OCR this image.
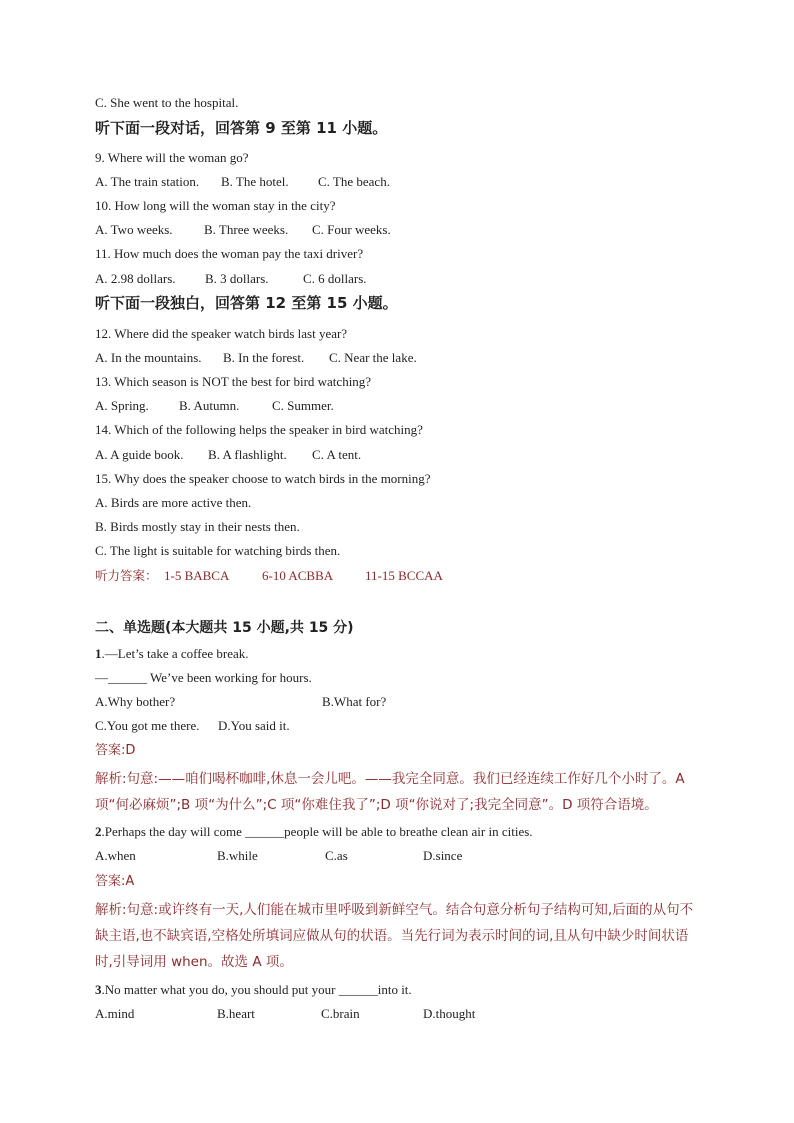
C. She went to the hospital.
听下面一段对话，回答第 9 至第 11 小题。
9. Where will the woman go?
A. The train station. B. The hotel. C. The beach.
10. How long will the woman stay in the city?
A. Two weeks. B. Three weeks. C. Four weeks.
11. How much does the woman pay the taxi driver?
A. 2.98 dollars. B. 3 dollars.	C. 6 dollars.
听下面一段独白，回答第 12 至第 15 小题。
12. Where did the speaker watch birds last year?
A. In the mountains. B. In the forest. C. Near the lake.
13. Which season is NOT the best for bird watching?
A. Spring. B. Autumn.	C. Summer.
14. Which of the following helps the speaker in bird watching?
A. A guide book. B. A flashlight. C. A tent.
15. Why does the speaker choose to watch birds in the morning?
A. Birds are more active then.
B. Birds mostly stay in their nests then.
C. The light is suitable for watching birds then.
听力答案： 1-5 BABCA	6-10 ACBBA 11-15 BCCAA
二、单选题(本大题共 15 小题,共 15 分)
1.—Let’s take a coffee break.
—______ We’ve been working for hours.
A.Why bother?	B.What for?
C.You got me there. D.You said it.
答案:D
解析:句意:——咱们喝杯咖啡,休息一会儿吧。——我完全同意。我们已经连续工作好几个小时了。A 项“何必麻烦”;B 项“为什么”;C 项“你难住我了”;D 项“你说对了;我完全同意”。D 项符合语境。
2.Perhaps the day will come ______people will be able to breathe clean air in cities.
A.when	B.while	C.as	D.since
答案:A
解析:句意:或许终有一天,人们能在城市里呼吸到新鲜空气。结合句意分析句子结构可知,后面的从句不缺主语,也不缺宾语,空格处所填词应做从句的状语。当先行词为表示时间的词,且从句中缺少时间状语时,引导词用 when。故选 A 项。
3.No matter what you do, you should put your ______into it.
A.mind	B.heart	C.brain	D.thought
